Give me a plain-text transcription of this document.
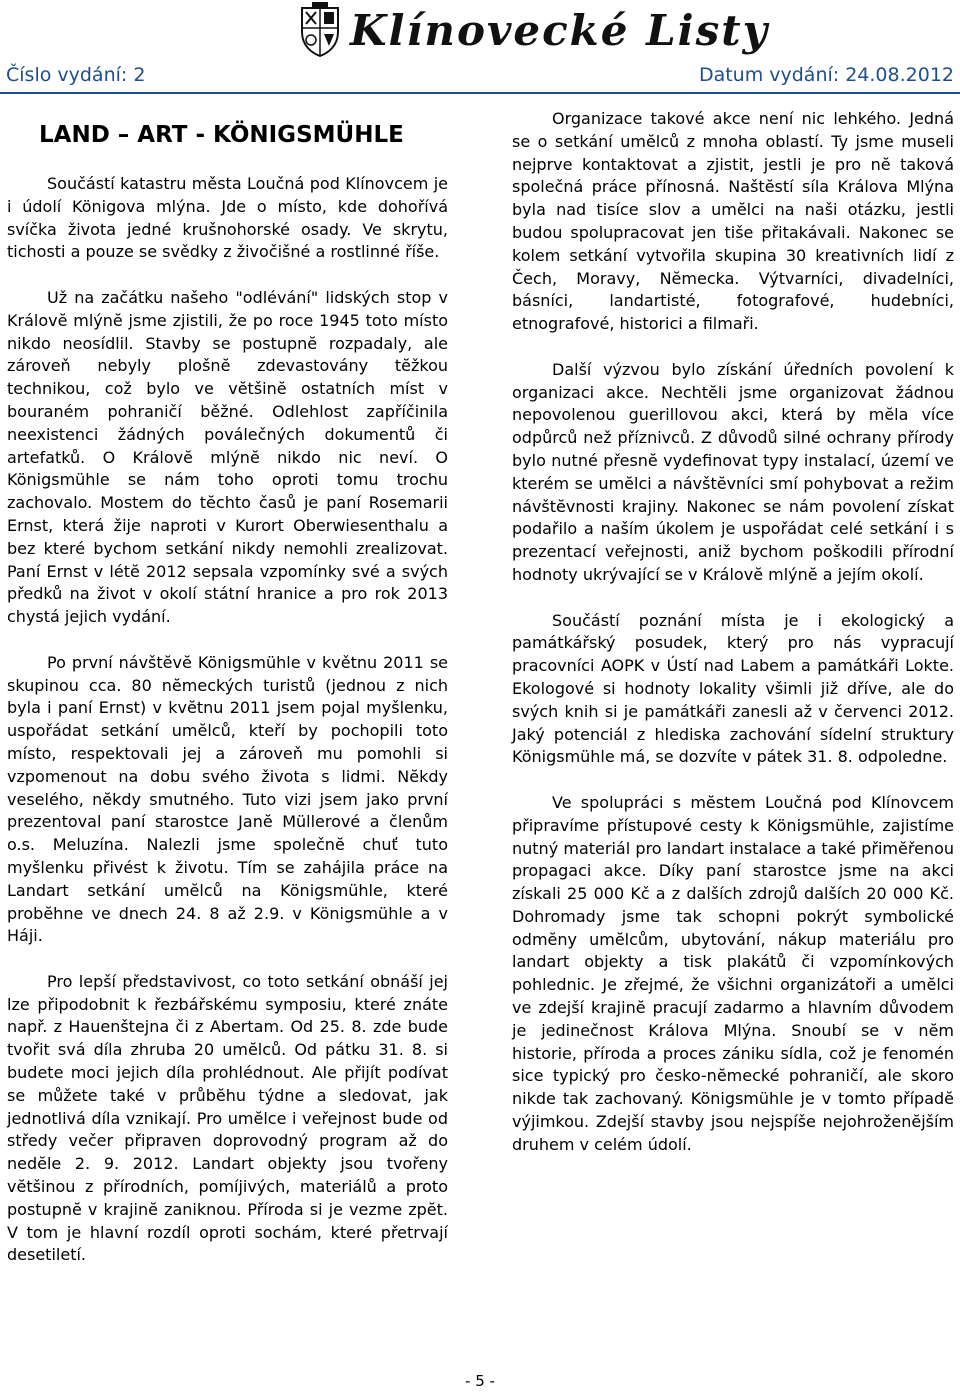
Klínovecké Listy
Číslo vydání: 2	Datum vydání: 24.08.2012
LAND – ART - KÖNIGSMÜHLE

Součástí katastru města Loučná pod Klínovcem je i údolí Königova mlýna. Jde o místo, kde dohořívá svíčka života jedné krušnohorské osady. Ve skrytu, tichosti a pouze se svědky z živočišné a rostlinné říše.

Už na začátku našeho "odlévání" lidských stop v Královĕ mlýnĕ jsme zjistili, že po roce 1945 toto místo nikdo neosídlil. Stavby se postupnĕ rozpadaly, ale zároveň nebyly plošnĕ zdevastovány tĕžkou technikou, což bylo ve vĕtšinĕ ostatních míst v bouraném pohraničí běžné. Odlehlost zapříčinila neexistenci žádných poválečných dokumentů či artefatků. O Královĕ mlýnĕ nikdo nic neví. O Königsmühle se nám toho oproti tomu trochu zachovalo. Mostem do tĕchto časů je paní Rosemarii Ernst, která žije naproti v Kurort Oberwiesenthalu a bez které bychom setkání nikdy nemohli zrealizovat. Paní Ernst v létĕ 2012 sepsala vzpomínky své a svých předků na život v okolí státní hranice a pro rok 2013 chystá jejich vydání.

Po první návštĕvĕ Königsmühle v květnu 2011 se skupinou cca. 80 nĕmeckých turistů (jednou z nich byla i paní Ernst) v kvĕtnu 2011 jsem pojal myšlenku, uspořádat setkání umĕlců, kteří by pochopili toto místo, respektovali jej a zároveň mu pomohli si vzpomenout na dobu svého života s lidmi. Nĕkdy veselého, nĕkdy smutného. Tuto vizi jsem jako první prezentoval paní starostce Janĕ Müllerové a členům o.s. Meluzína. Nalezli jsme společnĕ chuť tuto myšlenku přivést k životu. Tím se zahájila práce na Landart setkání umĕlců na Königsmühle, které probĕhne ve dnech 24. 8 až 2.9. v Königsmühle a v Háji.

Pro lepší představivost, co toto setkání obnáší jej lze připodobnit k řezbářskému symposiu, které znáte např. z Hauenštejna či z Abertam. Od 25. 8. zde bude tvořit svá díla zhruba 20 umĕlců. Od pátku 31. 8. si budete moci jejich díla prohlédnout. Ale přijít podívat se můžete také v průbĕhu týdne a sledovat, jak jednotlivá díla vznikají. Pro umĕlce i veřejnost bude od středy večer připraven doprovodný program až do nedĕle 2. 9. 2012. Landart objekty jsou tvořeny vĕtšinou z přírodních, pomíjivých, materiálů a proto postupnĕ v krajinĕ zaniknou. Příroda si je vezme zpĕt. V tom je hlavní rozdíl oproti sochám, které přetrvají desetiletí.

Organizace takové akce není nic lehkého. Jedná se o setkání umĕlců z mnoha oblastí. Ty jsme museli nejprve kontaktovat a zjistit, jestli je pro nĕ taková společná práce přínosná. Naštĕstí síla Králova Mlýna byla nad tisíce slov a umĕlci na naši otázku, jestli budou spolupracovat jen tiše přitakávali. Nakonec se kolem setkání vytvořila skupina 30 kreativních lidí z Čech, Moravy, Nĕmecka. Výtvarníci, divadelníci, básníci, landartisté, fotografové, hudebníci, etnografové, historici a filmaři.

Další výzvou bylo získání úředních povolení k organizaci akce. Nechtĕli jsme organizovat žádnou nepovolenou guerillovou akci, která by mĕla více odpůrců než příznivců. Z důvodů silné ochrany přírody bylo nutné přesnĕ vydefinovat typy instalací, území ve kterém se umĕlci a návštĕvníci smí pohybovat a režim návštĕvnosti krajiny. Nakonec se nám povolení získat podařilo a naším úkolem je uspořádat celé setkání i s prezentací veřejnosti, aniž bychom poškodili přírodní hodnoty ukrývající se v Královĕ mlýnĕ a jejím okolí.

Součástí poznání místa je i ekologický a památkářský posudek, který pro nás vypracují pracovníci AOPK v Ústí nad Labem a památkáři Lokte. Ekologové si hodnoty lokality všimli již dříve, ale do svých knih si je památkáři zanesli až v červenci 2012. Jaký potenciál z hlediska zachování sídelní struktury Königsmühle má, se dozvíte v pátek 31. 8. odpoledne.

Ve spolupráci s mĕstem Loučná pod Klínovcem připravíme přístupové cesty k Königsmühle, zajistíme nutný materiál pro landart instalace a také přimĕřenou propagaci akce. Díky paní starostce jsme na akci získali 25 000 Kč a z dalších zdrojů dalších 20 000 Kč. Dohromady jsme tak schopni pokrýt symbolické odmĕny umĕlcům, ubytování, nákup materiálu pro landart objekty a tisk plakátů či vzpomínkových pohlednic. Je zřejmé, že všichni organizátoři a umĕlci ve zdejší krajinĕ pracují zadarmo a hlavním důvodem je jedinečnost Králova Mlýna. Snoubí se v nĕm historie, příroda a proces zániku sídla, což je fenomén sice typický pro česko-nĕmecké pohraničí, ale skoro nikde tak zachovaný. Königsmühle je v tomto případĕ výjimkou. Zdejší stavby jsou nejspíše nejohroženĕjším druhem v celém údolí.

- 5 -
